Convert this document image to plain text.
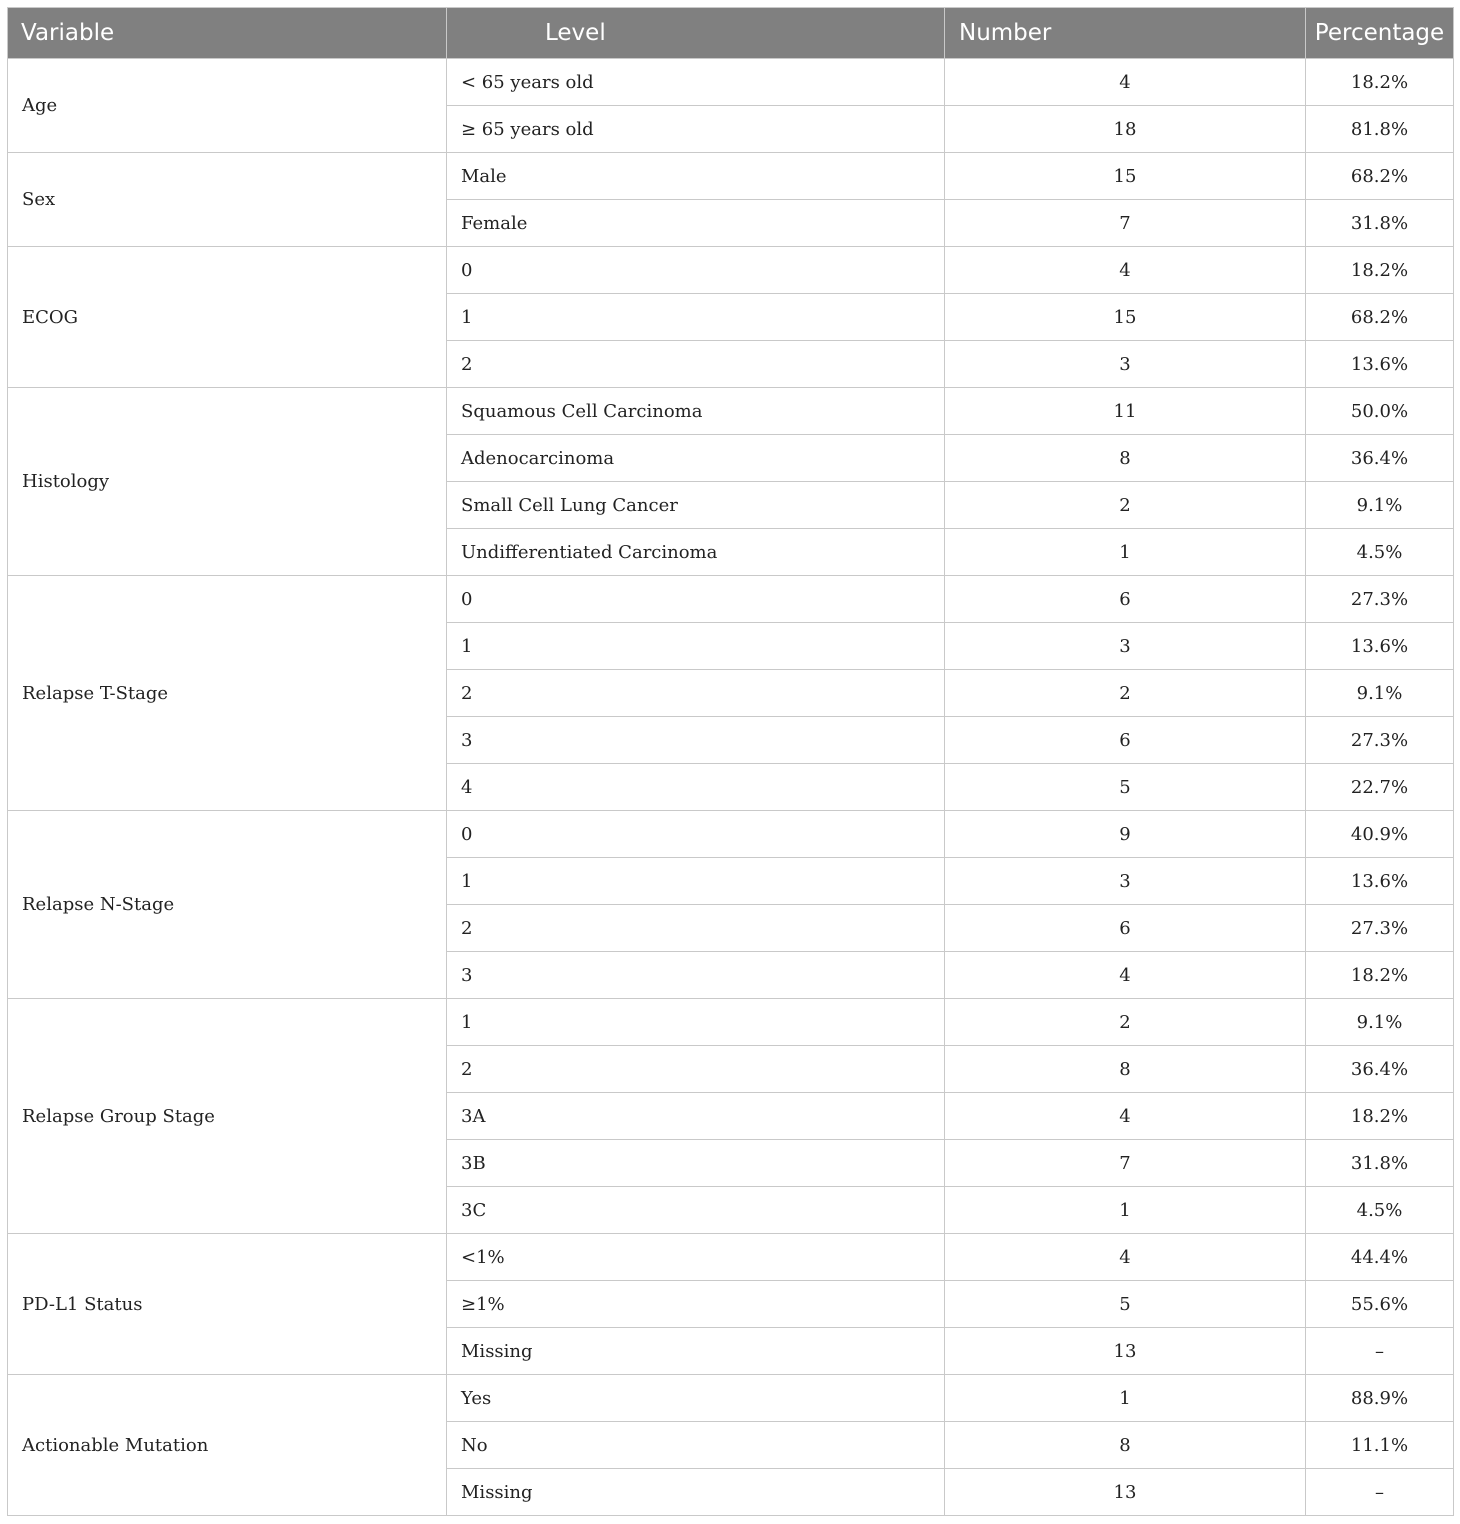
Variable	Level	Number	Percentage
Age	< 65 years old	4	18.2%
	≥ 65 years old	18	81.8%
Sex	Male	15	68.2%
	Female	7	31.8%
ECOG	0	4	18.2%
	1	15	68.2%
	2	3	13.6%
Histology	Squamous Cell Carcinoma	11	50.0%
	Adenocarcinoma	8	36.4%
	Small Cell Lung Cancer	2	9.1%
	Undifferentiated Carcinoma	1	4.5%
Relapse T-Stage	0	6	27.3%
	1	3	13.6%
	2	2	9.1%
	3	6	27.3%
	4	5	22.7%
Relapse N-Stage	0	9	40.9%
	1	3	13.6%
	2	6	27.3%
	3	4	18.2%
Relapse Group Stage	1	2	9.1%
	2	8	36.4%
	3A	4	18.2%
	3B	7	31.8%
	3C	1	4.5%
PD-L1 Status	<1%	4	44.4%
	≥1%	5	55.6%
	Missing	13	–
Actionable Mutation	Yes	1	88.9%
	No	8	11.1%
	Missing	13	–
